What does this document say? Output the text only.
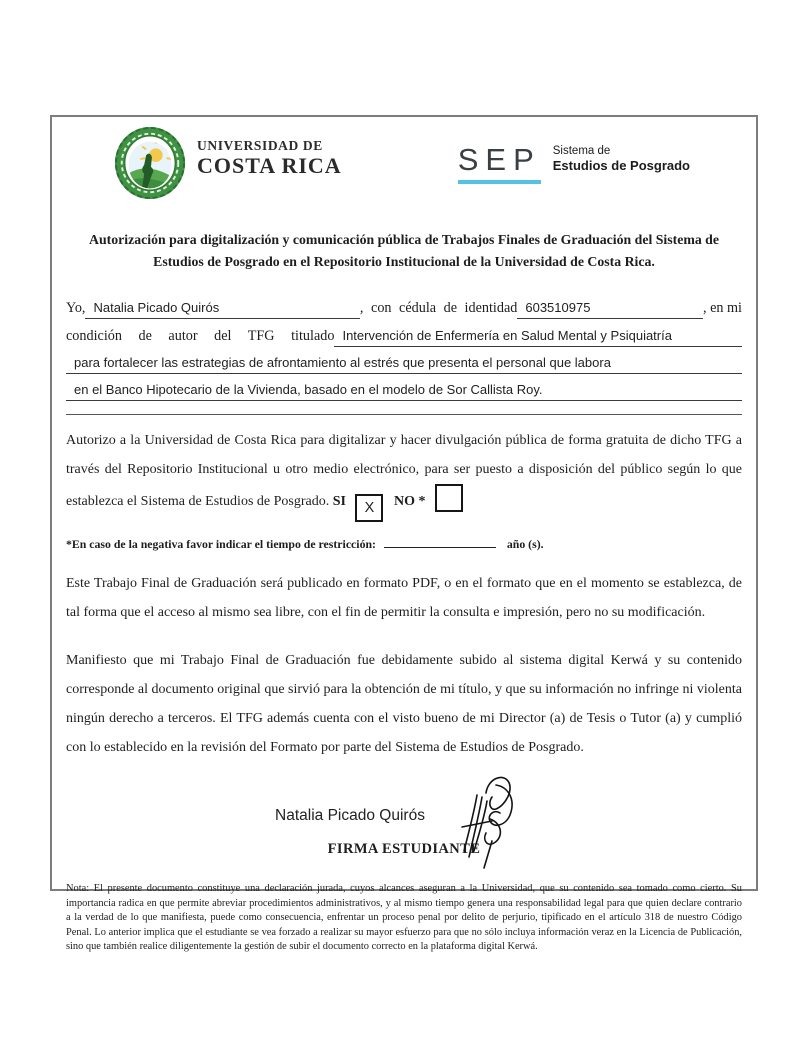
UNIVERSIDAD DE
COSTA RICA	SEP Sistema de
Estudios de Posgrado
Autorización para digitalización y comunicación pública de Trabajos Finales de Graduación del Sistema de Estudios de Posgrado en el Repositorio Institucional de la Universidad de Costa Rica.
Yo, Natalia Picado Quirós	, con cédula de identidad 603510975	, en mi
condición de autor del TFG titulado Intervención de Enfermería en Salud Mental y Psiquiatría
para fortalecer las estrategias de afrontamiento al estrés que presenta el personal que labora
en el Banco Hipotecario de la Vivienda, basado en el modelo de Sor Callista Roy.

Autorizo a la Universidad de Costa Rica para digitalizar y hacer divulgación pública de forma gratuita de dicho TFG a través del Repositorio Institucional u otro medio electrónico, para ser puesto a disposición del público según lo que establezca el Sistema de Estudios de Posgrado. SI X NO *

*En caso de la negativa favor indicar el tiempo de restricción:	año (s).

Este Trabajo Final de Graduación será publicado en formato PDF, o en el formato que en el momento se establezca, de tal forma que el acceso al mismo sea libre, con el fin de permitir la consulta e impresión, pero no su modificación.

Manifiesto que mi Trabajo Final de Graduación fue debidamente subido al sistema digital Kerwá y su contenido corresponde al documento original que sirvió para la obtención de mi título, y que su información no infringe ni violenta ningún derecho a terceros. El TFG además cuenta con el visto bueno de mi Director (a) de Tesis o Tutor (a) y cumplió con lo establecido en la revisión del Formato por parte del Sistema de Estudios de Posgrado.

Natalia Picado Quirós
FIRMA ESTUDIANTE

Nota: El presente documento constituye una declaración jurada, cuyos alcances aseguran a la Universidad, que su contenido sea tomado como cierto. Su importancia radica en que permite abreviar procedimientos administrativos, y al mismo tiempo genera una responsabilidad legal para que quien declare contrario a la verdad de lo que manifiesta, puede como consecuencia, enfrentar un proceso penal por delito de perjurio, tipificado en el artículo 318 de nuestro Código Penal. Lo anterior implica que el estudiante se vea forzado a realizar su mayor esfuerzo para que no sólo incluya información veraz en la Licencia de Publicación, sino que también realice diligentemente la gestión de subir el documento correcto en la plataforma digital Kerwá.
